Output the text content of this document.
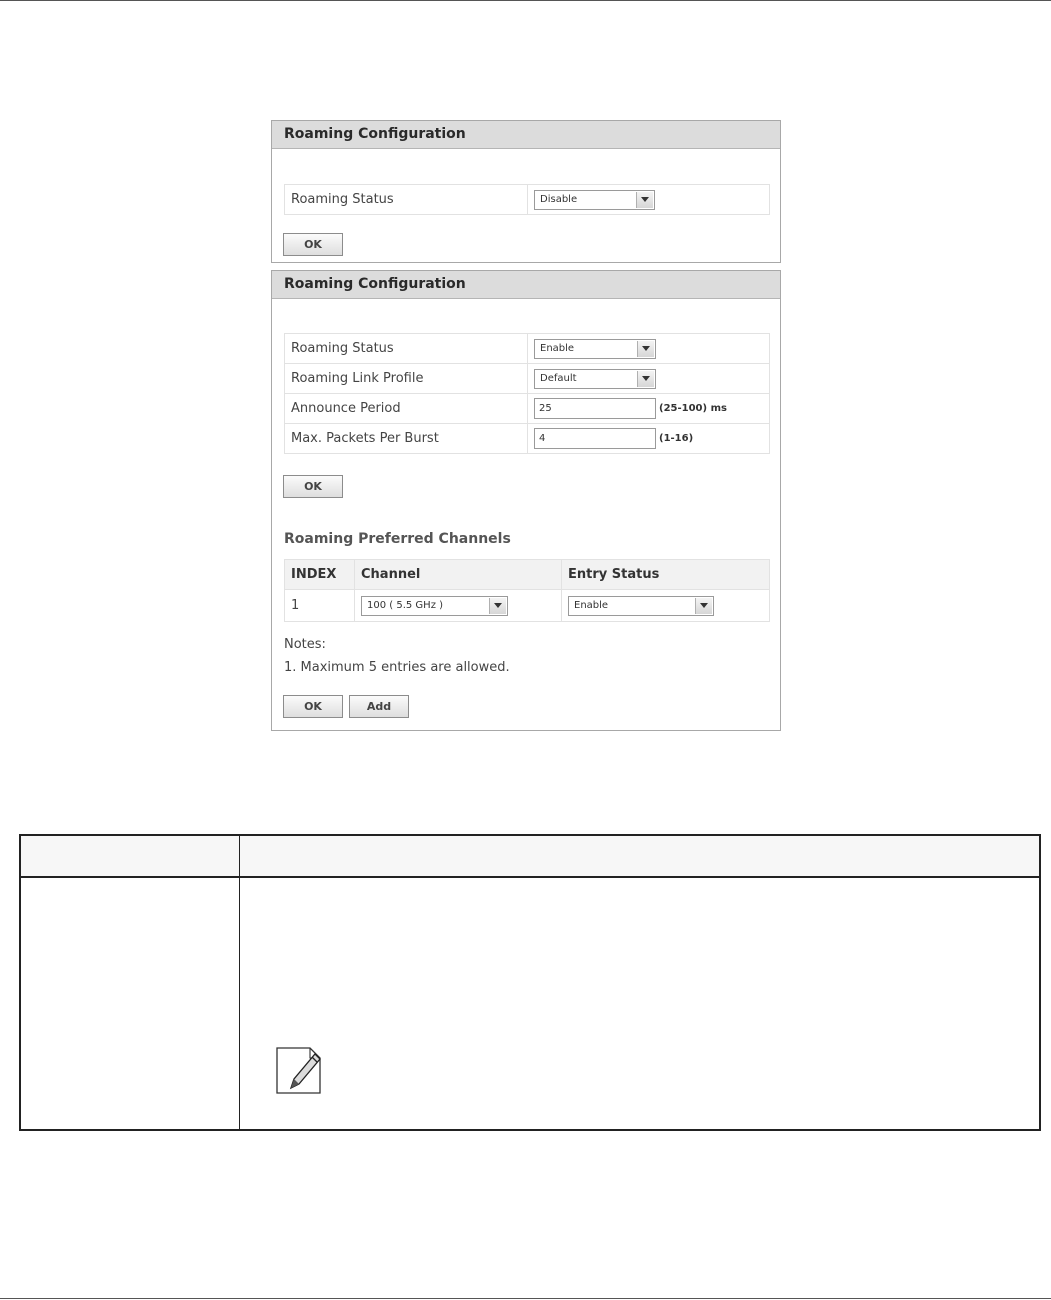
Roaming Configuration
Roaming Status	Disable
OK
Roaming Configuration
Roaming Status	Enable

Roaming Link Profile	Default

Announce Period	25 (25-100) ms
Max. Packets Per Burst	4 (1-16)
OK
Roaming Preferred Channels
INDEX	Channel	Entry Status
1	100 ( 5.5 GHz )	Enable
Notes:
1. Maximum 5 entries are allowed.
OK	Add
